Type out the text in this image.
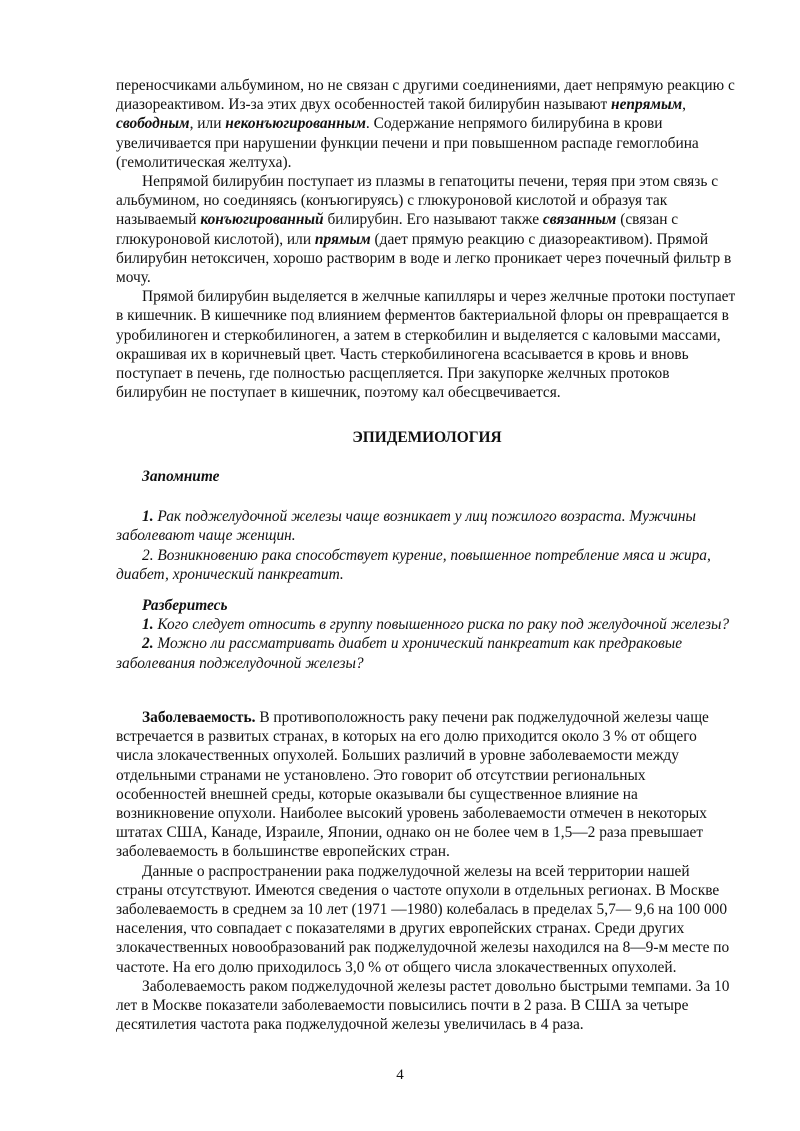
переносчиками альбумином, но не связан с другими соединениями, дает непрямую реакцию с диазореактивом. Из-за этих двух особенностей такой билирубин называют непрямым, свободным, или неконъюгированным. Содержание непрямого билирубина в крови увеличивается при нарушении функции печени и при повышенном распаде гемоглобина (гемолитическая желтуха).

Непрямой билирубин поступает из плазмы в гепатоциты печени, теряя при этом связь с альбумином, но соединяясь (конъюгируясь) с глюкуроновой кислотой и образуя так называемый конъюгированный билирубин. Его называют также связанным (связан с глюкуроновой кислотой), или прямым (дает прямую реакцию с диазореактивом). Прямой билирубин нетоксичен, хорошо растворим в воде и легко проникает через почечный фильтр в мочу.

Прямой билирубин выделяется в желчные капилляры и через желчные протоки поступает в кишечник. В кишечнике под влиянием ферментов бактериальной флоры он превращается в уробилиноген и стеркобилиноген, а затем в стеркобилин и выделяется с каловыми массами, окрашивая их в коричневый цвет. Часть стеркобилиногена всасывается в кровь и вновь поступает в печень, где полностью расщепляется. При закупорке желчных протоков билирубин не поступает в кишечник, поэтому кал обесцвечивается.

ЭПИДЕМИОЛОГИЯ

Запомните

1. Рак поджелудочной железы чаще возникает у лиц пожилого возраста. Мужчины заболевают чаще женщин.

2. Возникновению рака способствует курение, повышенное потребление мяса и жира, диабет, хронический панкреатит.

Разберитесь

1. Кого следует относить в группу повышенного риска по раку под желудочной железы?

2. Можно ли рассматривать диабет и хронический панкреатит как предраковые заболевания поджелудочной железы?

Заболеваемость. В противоположность раку печени рак поджелудочной железы чаще встречается в развитых странах, в которых на его долю приходится около 3 % от общего числа злокачественных опухолей. Больших различий в уровне заболеваемости между отдельными странами не установлено. Это говорит об отсутствии региональных особенностей внешней среды, которые оказывали бы существенное влияние на возникновение опухоли. Наиболее высокий уровень заболеваемости отмечен в некоторых штатах США, Канаде, Израиле, Японии, однако он не более чем в 1,5—2 раза превышает заболеваемость в большинстве европейских стран.

Данные о распространении рака поджелудочной железы на всей территории нашей страны отсутствуют. Имеются сведения о частоте опухоли в отдельных регионах. В Москве заболеваемость в среднем за 10 лет (1971 —1980) колебалась в пределах 5,7— 9,6 на 100 000 населения, что совпадает с показателями в других европейских странах. Среди других злокачественных новообразований рак поджелудочной железы находился на 8—9-м месте по частоте. На его долю приходилось 3,0 % от общего числа злокачественных опухолей.

Заболеваемость раком поджелудочной железы растет довольно быстрыми темпами. За 10 лет в Москве показатели заболеваемости повысились почти в 2 раза. В США за четыре десятилетия частота рака поджелудочной железы увеличилась в 4 раза.

4
